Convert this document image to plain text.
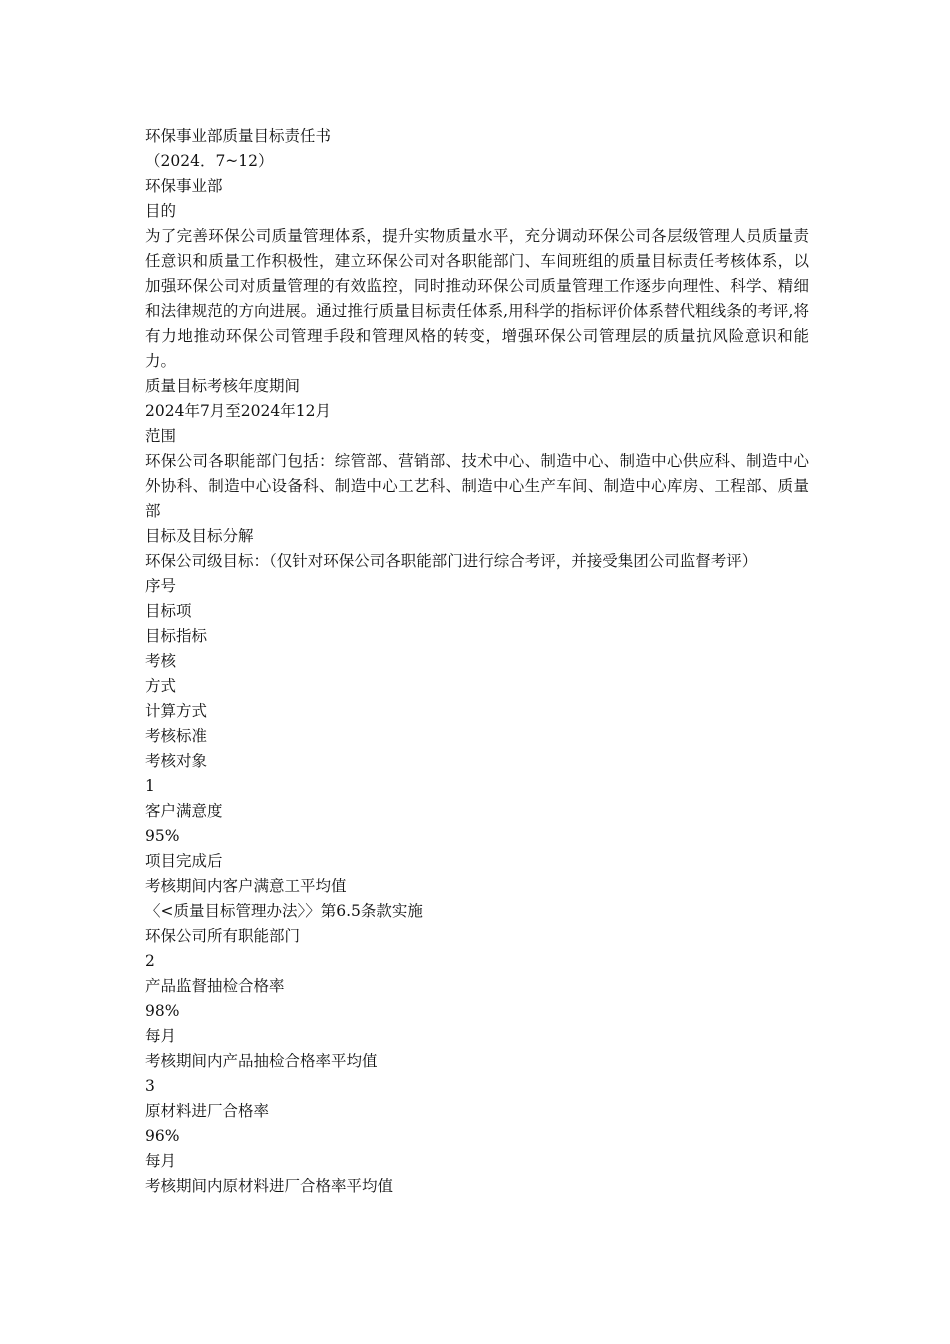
环保事业部质量目标责任书
（2024．7~12）
环保事业部
目的
为了完善环保公司质量管理体系，提升实物质量水平，充分调动环保公司各层级管理人员质量责任意识和质量工作积极性，建立环保公司对各职能部门、车间班组的质量目标责任考核体系，以加强环保公司对质量管理的有效监控，同时推动环保公司质量管理工作逐步向理性、科学、精细和法律规范的方向进展。通过推行质量目标责任体系,用科学的指标评价体系替代粗线条的考评,将有力地推动环保公司管理手段和管理风格的转变，增强环保公司管理层的质量抗风险意识和能力。
质量目标考核年度期间
2024年7月至2024年12月
范围
环保公司各职能部门包括：综管部、营销部、技术中心、制造中心、制造中心供应科、制造中心外协科、制造中心设备科、制造中心工艺科、制造中心生产车间、制造中心库房、工程部、质量部
目标及目标分解
环保公司级目标：（仅针对环保公司各职能部门进行综合考评，并接受集团公司监督考评）
序号
目标项
目标指标
考核
方式
计算方式
考核标准
考核对象
1
客户满意度
95%
项目完成后
考核期间内客户满意工平均值
〈<质量目标管理办法〉〉第6.5条款实施
环保公司所有职能部门
2
产品监督抽检合格率
98%
每月
考核期间内产品抽检合格率平均值
3
原材料进厂合格率
96%
每月
考核期间内原材料进厂合格率平均值
